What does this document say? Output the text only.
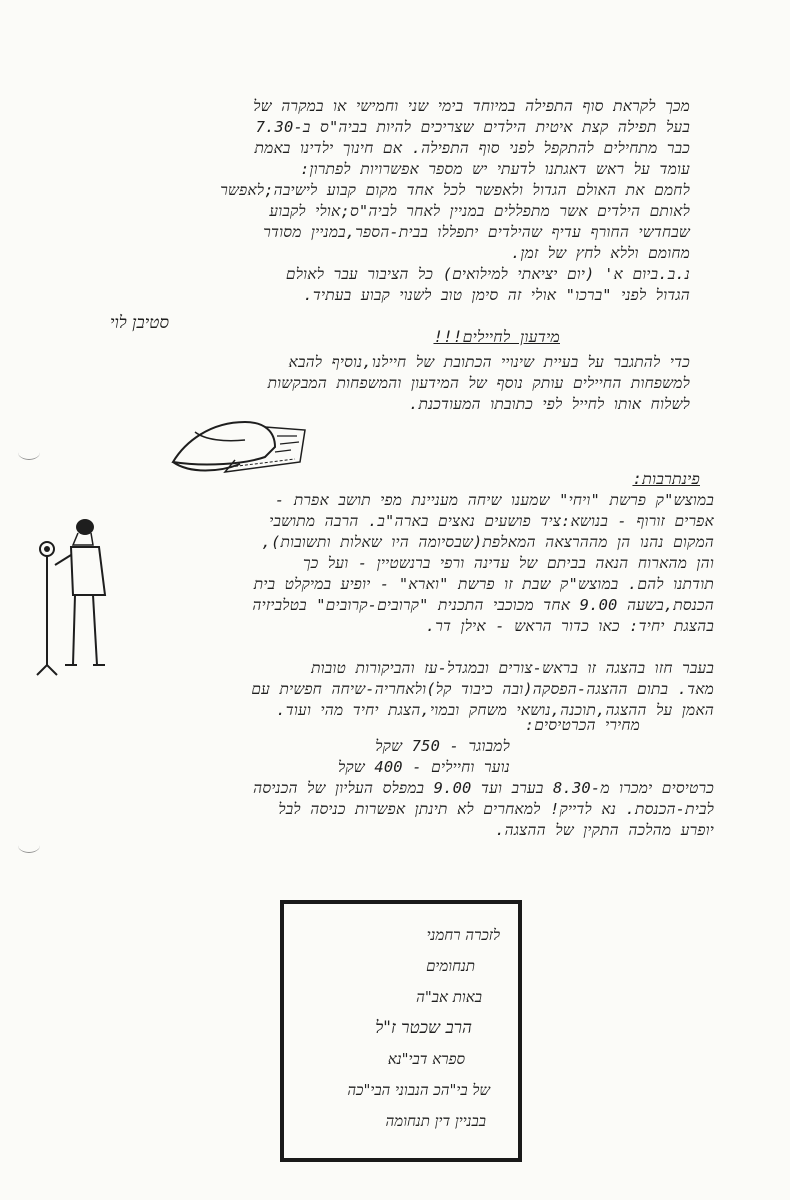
מכך לקראת סוף התפילה במיוחד בימי שני וחמישי או במקרה של
בעל תפילה קצת איטית הילדים שצריכים להיות בביה"ס ב-7.30
כבר מתחילים להתקפל לפני סוף התפילה. אם חינוך ילדינו באמת
עומד על ראש דאגתנו לדעתי יש מספר אפשרויות לפתרון:
לחמם את האולם הגדול ולאפשר לכל אחד מקום קבוע לישיבה;לאפשר
לאותם הילדים אשר מתפללים במניין לאחר לביה"ס;אולי לקבוע
שבחדשי החורף עדיף שהילדים יתפללו בבית-הספר,במניין מסודר
מחומם וללא לחץ של זמן.
נ.ב.ביום א' (יום יציאתי למילואים) כל הציבור עבר לאולם
הגדול לפני "ברכו" אולי זה סימן טוב לשנוי קבוע בעתיד.
סטיבן לוי
מידעון לחיילים!!!
כדי להתגבר על בעיית שינויי הכתובת של חיילנו,נוסיף להבא
למשפחות החיילים עותק נוסף של המידעון והמשפחות המבקשות
לשלוח אותו לחייל לפי כתובתו המעודכנת.
פינתרבות:
במוצש"ק פרשת "ויחי" שמענו שיחה מעניינת מפי תושב אפרת -
אפרים זורוף - בנושא:ציד פושעים נאצים בארה"ב. הרבה מתושבי
המקום נהנו הן מההרצאה המאלפת(שבסיומה היו שאלות ותשובות),
והן מהארוח הנאה בביתם של עדינה ורפי ברנשטיין - ועל כך
תודתנו להם. במוצש"ק שבת זו פרשת "וארא" - יופיע במיקלט בית
הכנסת,בשעה 9.00 אחד מכוכבי התכנית "קרובים-קרובים" בטלביזיה
בהצגת יחיד: כאו כדור הראש - אילן דר.
בעבר חזו בהצגה זו בראש-צורים ובמגדל-עז והביקורות טובות
מאד. בתום ההצגה-הפסקה(ובה כיבוד קל)ולאחריה-שיחה חפשית עם
האמן על ההצגה,תוכנה,נושאי משחק ובמוי,הצגת יחיד מהי ועוד.
מחירי הכרטיסים:
למבוגר - 750 שקל
נוער וחיילים - 400 שקל
כרטיסים ימכרו מ-8.30 בערב ועד 9.00 במפלס העליון של הכניסה
לבית-הכנסת. נא לדייק! למאחרים לא תינתן אפשרות כניסה לבל
יופרע מהלכה התקין של ההצגה.
לזכרה רחמני
תנחומים
באות אב"ה
הרב שכטר ז"ל
ספרא דבי"נא
של בי"הכ הנבוני הבי"כה
בבניין דין תנחומה
